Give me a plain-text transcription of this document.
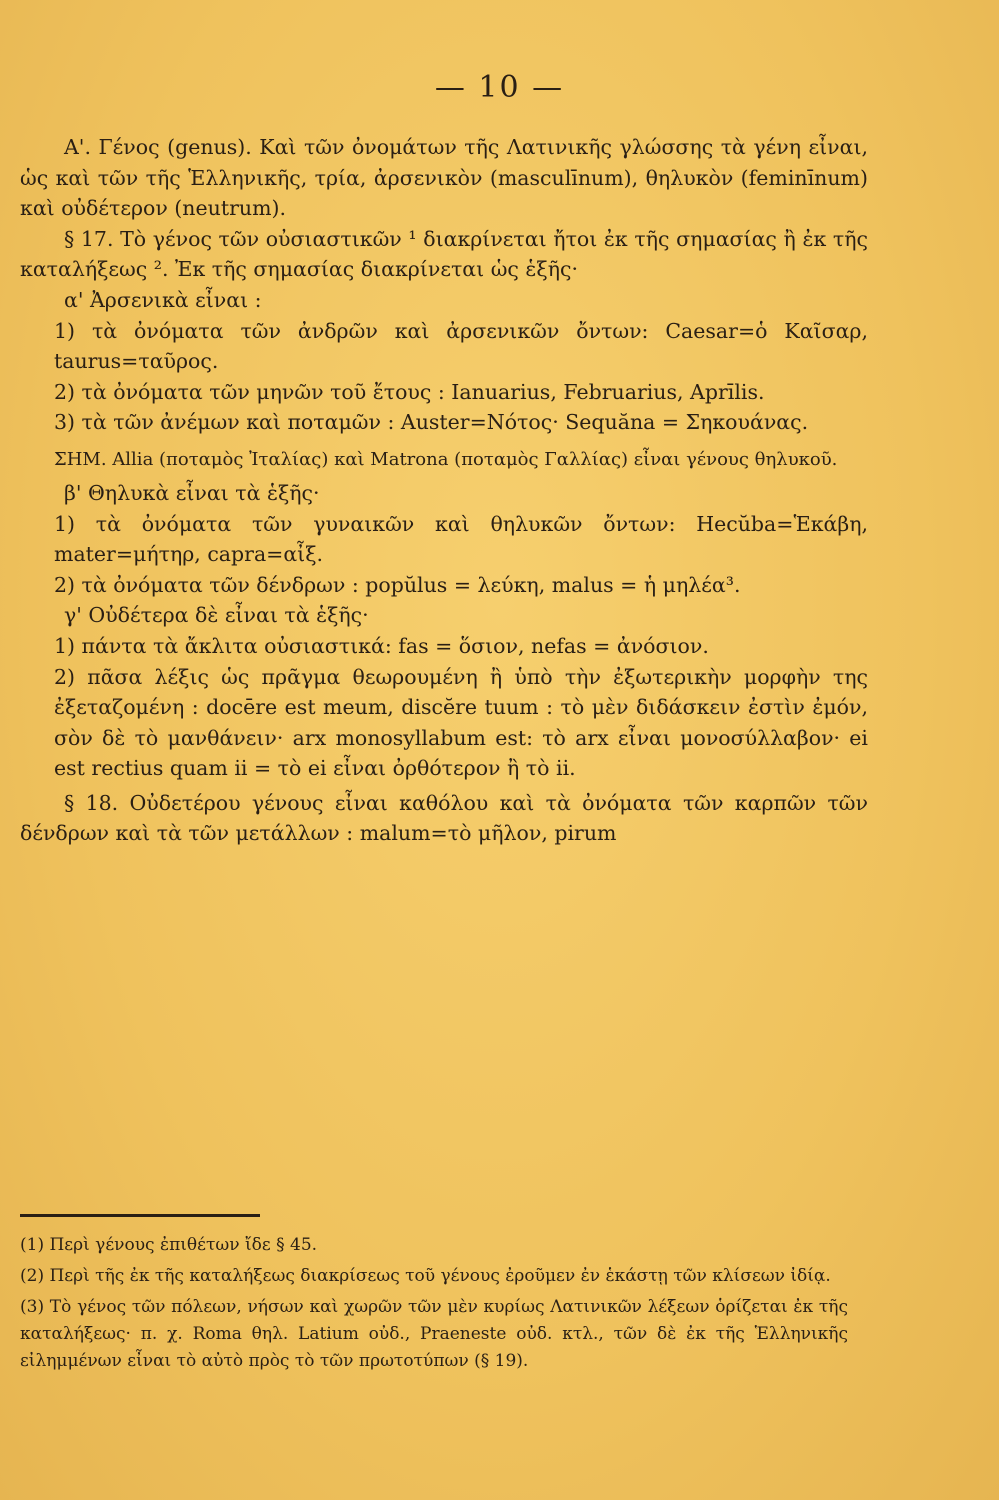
— 10 —

Α'. Γένος (genus). Καὶ τῶν ὀνομάτων τῆς Λατινικῆς γλώσσης τὰ γένη εἶναι, ὡς καὶ τῶν τῆς Ἑλληνικῆς, τρία, ἀρσενικὸν (masculīnum), θηλυκὸν (feminīnum) καὶ οὐδέτερον (neutrum).

§ 17. Τὸ γένος τῶν οὐσιαστικῶν ¹ διακρίνεται ἤτοι ἐκ τῆς σημασίας ἢ ἐκ τῆς καταλήξεως ². Ἐκ τῆς σημασίας διακρίνεται ὡς ἑξῆς·

α' Ἀρσενικὰ εἶναι :

1) τὰ ὀνόματα τῶν ἀνδρῶν καὶ ἀρσενικῶν ὄντων: Caesar=ὁ Καῖσαρ, taurus=ταῦρος.

2) τὰ ὀνόματα τῶν μηνῶν τοῦ ἔτους : Ianuarius, Februarius, Aprīlis.

3) τὰ τῶν ἀνέμων καὶ ποταμῶν : Auster=Νότος· Sequăna = Σηκουάνας.

ΣΗΜ. Allia (ποταμὸς Ἰταλίας) καὶ Matrona (ποταμὸς Γαλλίας) εἶναι γένους θηλυκοῦ.

β' Θηλυκὰ εἶναι τὰ ἑξῆς·

1) τὰ ὀνόματα τῶν γυναικῶν καὶ θηλυκῶν ὄντων: Hecŭba=Ἑκάβη, mater=μήτηρ, capra=αἶξ.

2) τὰ ὀνόματα τῶν δένδρων : popŭlus = λεύκη, malus = ἡ μηλέα³.

γ' Οὐδέτερα δὲ εἶναι τὰ ἑξῆς·

1) πάντα τὰ ἄκλιτα οὐσιαστικά: fas = ὅσιον, nefas = ἀνόσιον.

2) πᾶσα λέξις ὡς πρᾶγμα θεωρουμένη ἢ ὑπὸ τὴν ἐξωτερικὴν μορφὴν της ἐξεταζομένη : docēre est meum, discĕre tuum : τὸ μὲν διδάσκειν ἐστὶν ἐμόν, σὸν δὲ τὸ μανθάνειν· arx monosyllabum est: τὸ arx εἶναι μονοσύλλαβον· ei est rectius quam ii = τὸ ei εἶναι ὀρθότερον ἢ τὸ ii.

§ 18. Οὐδετέρου γένους εἶναι καθόλου καὶ τὰ ὀνόματα τῶν καρπῶν τῶν δένδρων καὶ τὰ τῶν μετάλλων : malum=τὸ μῆλον, pirum

(1) Περὶ γένους ἐπιθέτων ἴδε § 45.

(2) Περὶ τῆς ἐκ τῆς καταλήξεως διακρίσεως τοῦ γένους ἐροῦμεν ἐν ἑκάστῃ τῶν κλίσεων ἰδίᾳ.

(3) Τὸ γένος τῶν πόλεων, νήσων καὶ χωρῶν τῶν μὲν κυρίως Λατινικῶν λέξεων ὁρίζεται ἐκ τῆς καταλήξεως· π. χ. Roma θηλ. Latium οὐδ., Praeneste οὐδ. κτλ., τῶν δὲ ἐκ τῆς Ἑλληνικῆς εἰλημμένων εἶναι τὸ αὐτὸ πρὸς τὸ τῶν πρωτοτύπων (§ 19).
